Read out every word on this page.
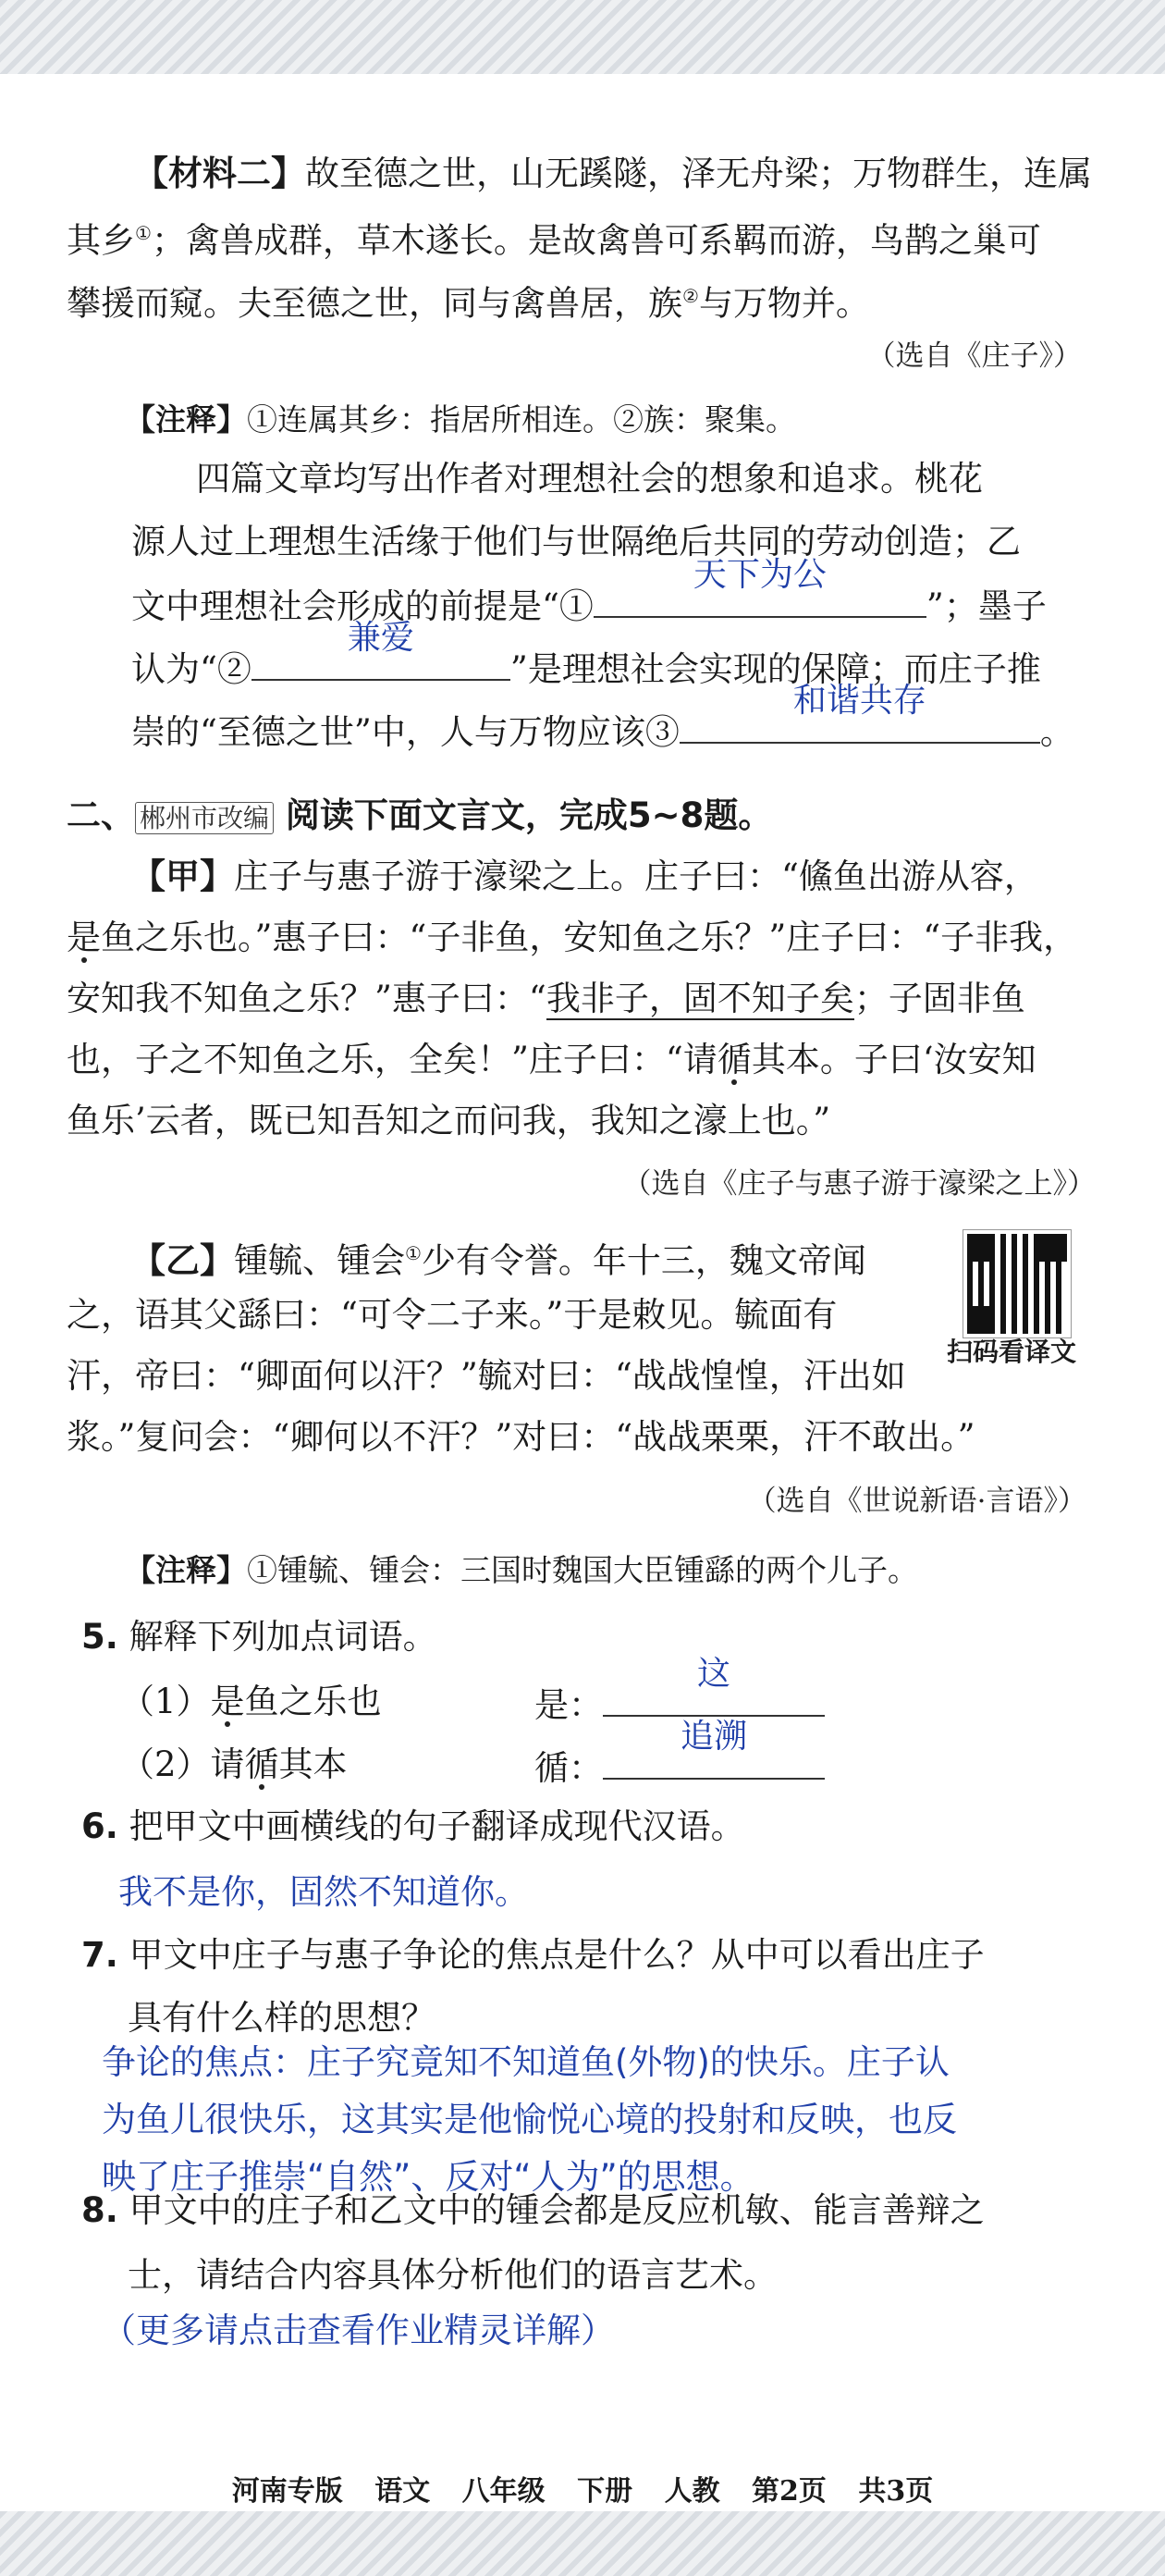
【材料二】故至德之世，山无蹊隧，泽无舟梁；万物群生，连属
其乡①；禽兽成群，草木遂长。是故禽兽可系羁而游，鸟鹊之巢可
攀援而窥。夫至德之世，同与禽兽居，族②与万物并。
（选自《庄子》）
【注释】①连属其乡：指居所相连。②族：聚集。
四篇文章均写出作者对理想社会的想象和追求。桃花
源人过上理想生活缘于他们与世隔绝后共同的劳动创造；乙
文中理想社会形成的前提是“①
天下为公
”；墨子
认为“②
兼爱
”是理想社会实现的保障；而庄子推
崇的“至德之世”中，人与万物应该③
和谐共存
。
二、 郴州市改编 阅读下面文言文，完成5~8题。
【甲】庄子与惠子游于濠梁之上。庄子曰：“鯈鱼出游从容，
是鱼之乐也。”惠子曰：“子非鱼，安知鱼之乐？”庄子曰：“子非我，
安知我不知鱼之乐？”惠子曰：“我非子，固不知子矣；子固非鱼
也，子之不知鱼之乐，全矣！”庄子曰：“请循其本。子曰‘汝安知
鱼乐’云者，既已知吾知之而问我，我知之濠上也。”
（选自《庄子与惠子游于濠梁之上》）
【乙】锺毓、锺会①少有令誉。年十三，魏文帝闻
之，语其父繇曰：“可令二子来。”于是敕见。毓面有
汗，帝曰：“卿面何以汗？”毓对曰：“战战惶惶，汗出如
浆。”复问会：“卿何以不汗？”对曰：“战战栗栗，汗不敢出。”
（选自《世说新语·言语》）
扫码看译文
【注释】①锺毓、锺会：三国时魏国大臣锺繇的两个儿子。
5. 解释下列加点词语。
（1）是鱼之乐也	是：
这
（2）请循其本	循：
追溯
6. 把甲文中画横线的句子翻译成现代汉语。
我不是你，固然不知道你。
7. 甲文中庄子与惠子争论的焦点是什么？从中可以看出庄子
具有什么样的思想？
争论的焦点：庄子究竟知不知道鱼(外物)的快乐。庄子认
为鱼儿很快乐，这其实是他愉悦心境的投射和反映，也反
映了庄子推崇“自然”、反对“人为”的思想。
8. 甲文中的庄子和乙文中的锺会都是反应机敏、能言善辩之
士，请结合内容具体分析他们的语言艺术。
（更多请点击查看作业精灵详解）
河南专版 语文 八年级 下册 人教 第2页 共3页
